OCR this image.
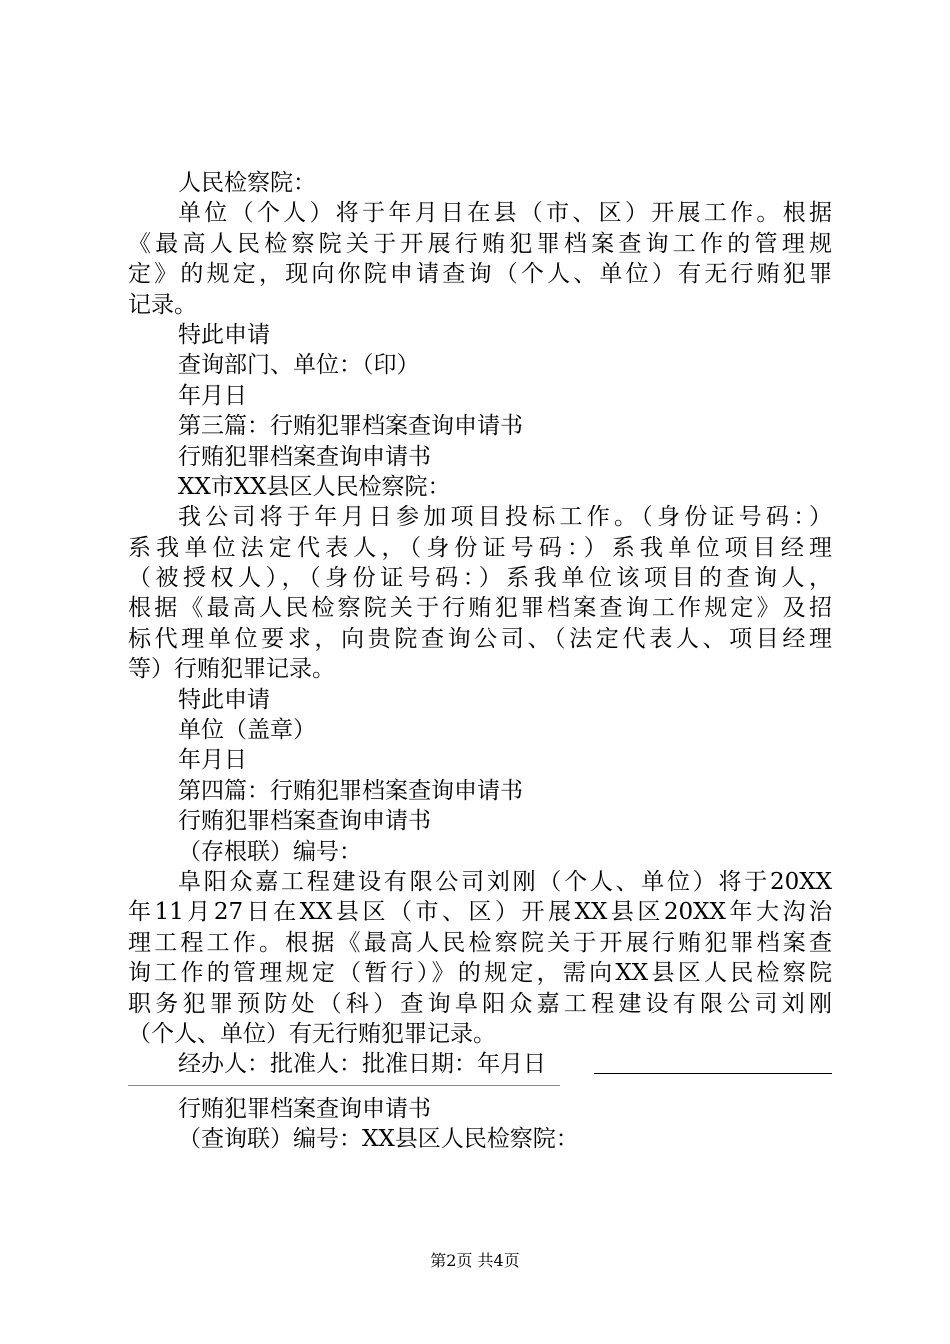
人民检察院：
单位（个人）将于年月日在县（市、区）开展工作。根据
《最高人民检察院关于开展行贿犯罪档案查询工作的管理规
定》的规定，现向你院申请查询（个人、单位）有无行贿犯罪
记录。
特此申请
查询部门、单位：（印）
年月日
第三篇：行贿犯罪档案查询申请书
行贿犯罪档案查询申请书
XX市XX县区人民检察院：
我公司将于年月日参加项目投标工作。（身份证号码：）
系我单位法定代表人，（身份证号码：）系我单位项目经理
（被授权人），（身份证号码：）系我单位该项目的查询人，
根据《最高人民检察院关于行贿犯罪档案查询工作规定》及招
标代理单位要求，向贵院查询公司、（法定代表人、项目经理
等）行贿犯罪记录。
特此申请
单位（盖章）
年月日
第四篇：行贿犯罪档案查询申请书
行贿犯罪档案查询申请书
（存根联）编号：
阜阳众嘉工程建设有限公司刘刚（个人、单位）将于20XX
年11月27日在XX县区（市、区）开展XX县区20XX年大沟治
理工程工作。根据《最高人民检察院关于开展行贿犯罪档案查
询工作的管理规定（暂行）》的规定，需向XX县区人民检察院
职务犯罪预防处（科）查询阜阳众嘉工程建设有限公司刘刚
（个人、单位）有无行贿犯罪记录。
经办人：批准人：批准日期：年月日
行贿犯罪档案查询申请书
（查询联）编号：XX县区人民检察院：
第2页 共4页
